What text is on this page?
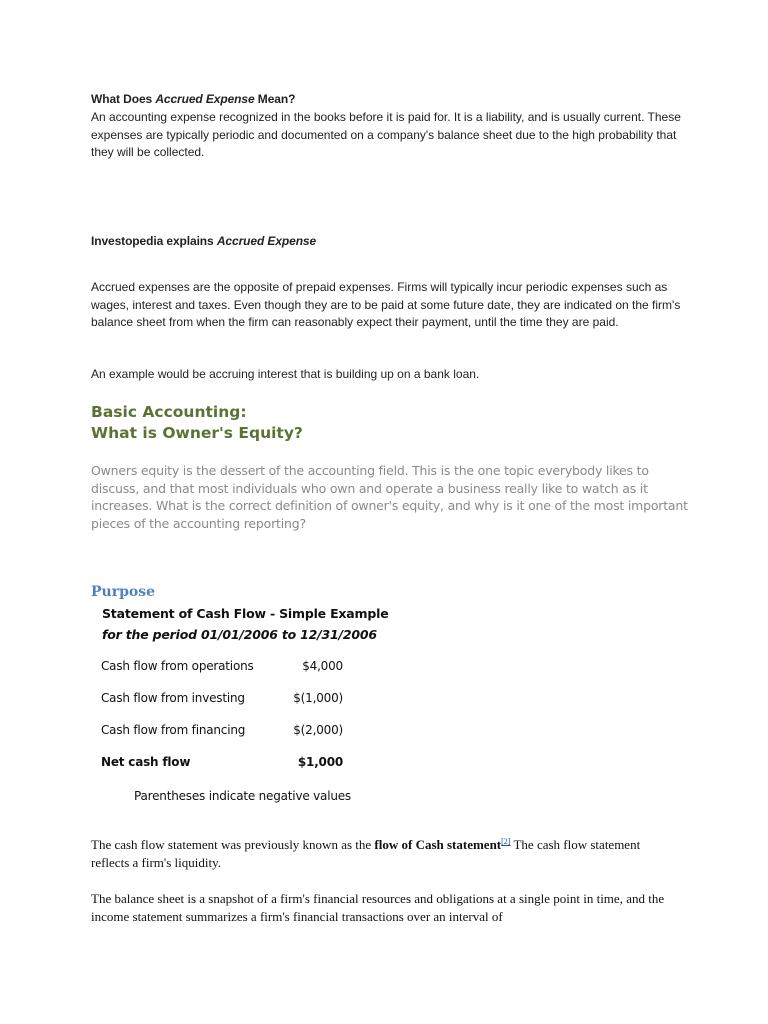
What Does Accrued Expense Mean?
An accounting expense recognized in the books before it is paid for. It is a liability, and is usually current. These expenses are typically periodic and documented on a company's balance sheet due to the high probability that they will be collected.
Investopedia explains Accrued Expense
Accrued expenses are the opposite of prepaid expenses. Firms will typically incur periodic expenses such as wages, interest and taxes. Even though they are to be paid at some future date, they are indicated on the firm's balance sheet from when the firm can reasonably expect their payment, until the time they are paid.
An example would be accruing interest that is building up on a bank loan.
Basic Accounting:
What is Owner's Equity?
Owners equity is the dessert of the accounting field. This is the one topic everybody likes to discuss, and that most individuals who own and operate a business really like to watch as it increases. What is the correct definition of owner's equity, and why is it one of the most important pieces of the accounting reporting?
Purpose
Statement of Cash Flow - Simple Example
for the period 01/01/2006 to 12/31/2006
Cash flow from operations	$4,000
Cash flow from investing	$(1,000)
Cash flow from financing	$(2,000)
Net cash flow	$1,000
Parentheses indicate negative values
The cash flow statement was previously known as the flow of Cash statement[2] The cash flow statement reflects a firm's liquidity.
The balance sheet is a snapshot of a firm's financial resources and obligations at a single point in time, and the income statement summarizes a firm's financial transactions over an interval of
